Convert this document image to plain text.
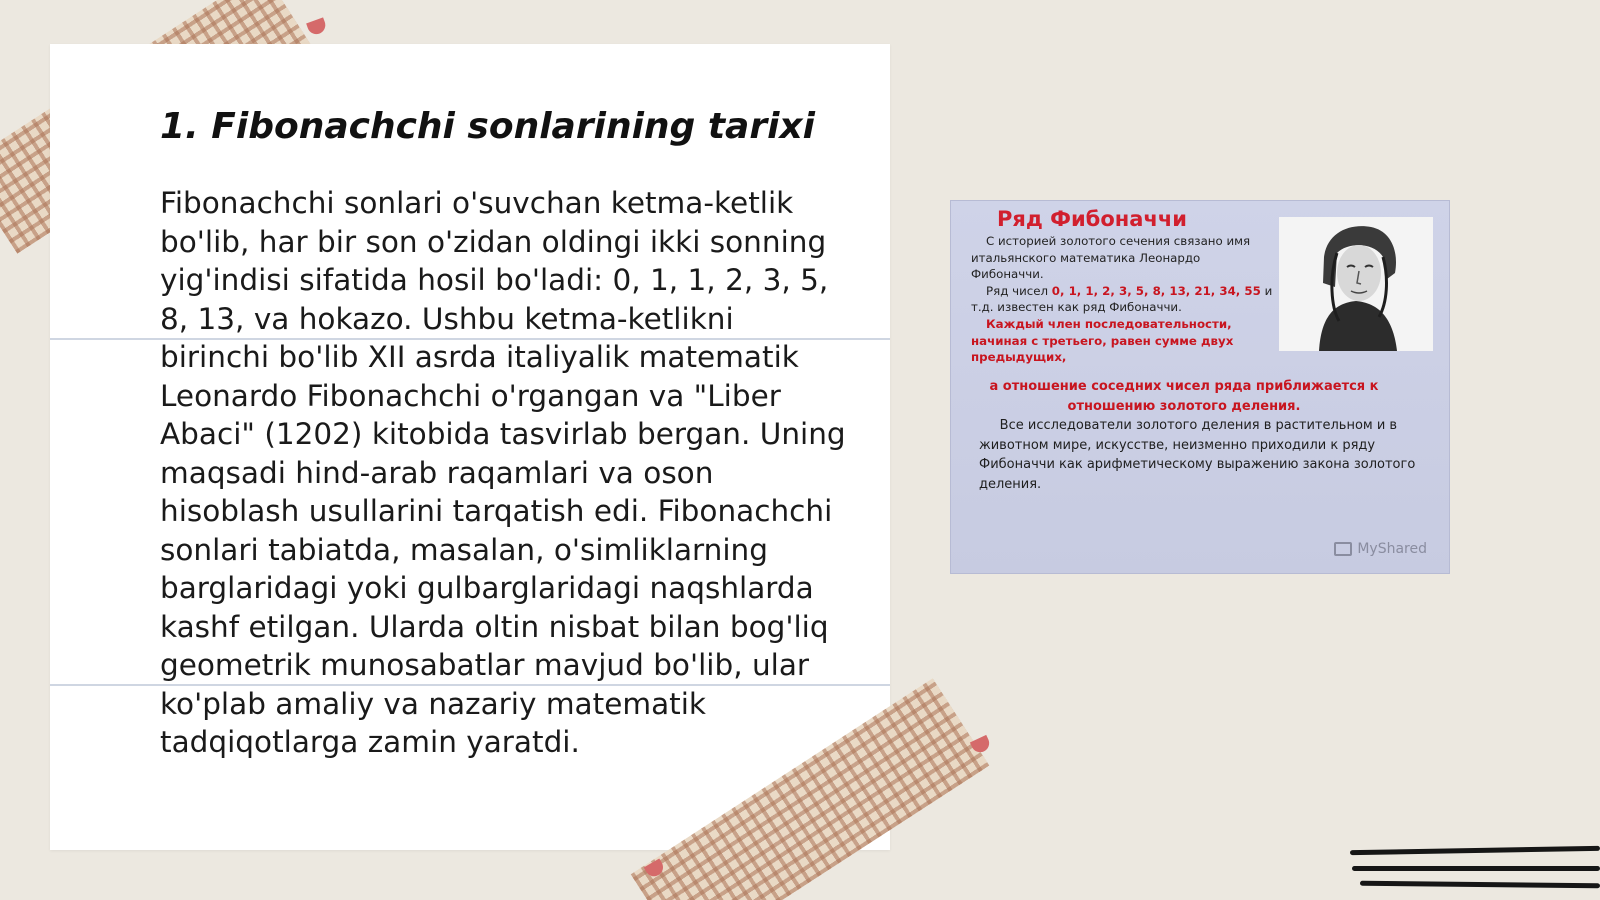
1. Fibonachchi sonlarining tarixi

Fibonachchi sonlari o'suvchan ketma-ketlik bo'lib, har bir son o'zidan oldingi ikki sonning yig'indisi sifatida hosil bo'ladi: 0, 1, 1, 2, 3, 5, 8, 13, va hokazo. Ushbu ketma-ketlikni birinchi bo'lib XII asrda italiyalik matematik Leonardo Fibonachchi o'rgangan va "Liber Abaci" (1202) kitobida tasvirlab bergan. Uning maqsadi hind-arab raqamlari va oson hisoblash usullarini tarqatish edi. Fibonachchi sonlari tabiatda, masalan, o'simliklarning barglaridagi yoki gulbarglaridagi naqshlarda kashf etilgan. Ularda oltin nisbat bilan bog'liq geometrik munosabatlar mavjud bo'lib, ular ko'plab amaliy va nazariy matematik tadqiqotlarga zamin yaratdi.

Ряд Фибоначчи
С историей золотого сечения связано имя итальянского математика Леонардо Фибоначчи.
Ряд чисел 0, 1, 1, 2, 3, 5, 8, 13, 21, 34, 55 и т.д. известен как ряд Фибоначчи.
Каждый член последовательности, начиная с третьего, равен сумме двух предыдущих,
а отношение соседних чисел ряда приближается к отношению золотого деления.
Все исследователи золотого деления в растительном и в животном мире, искусстве, неизменно приходили к ряду Фибоначчи как арифметическому выражению закона золотого деления.
MyShared
